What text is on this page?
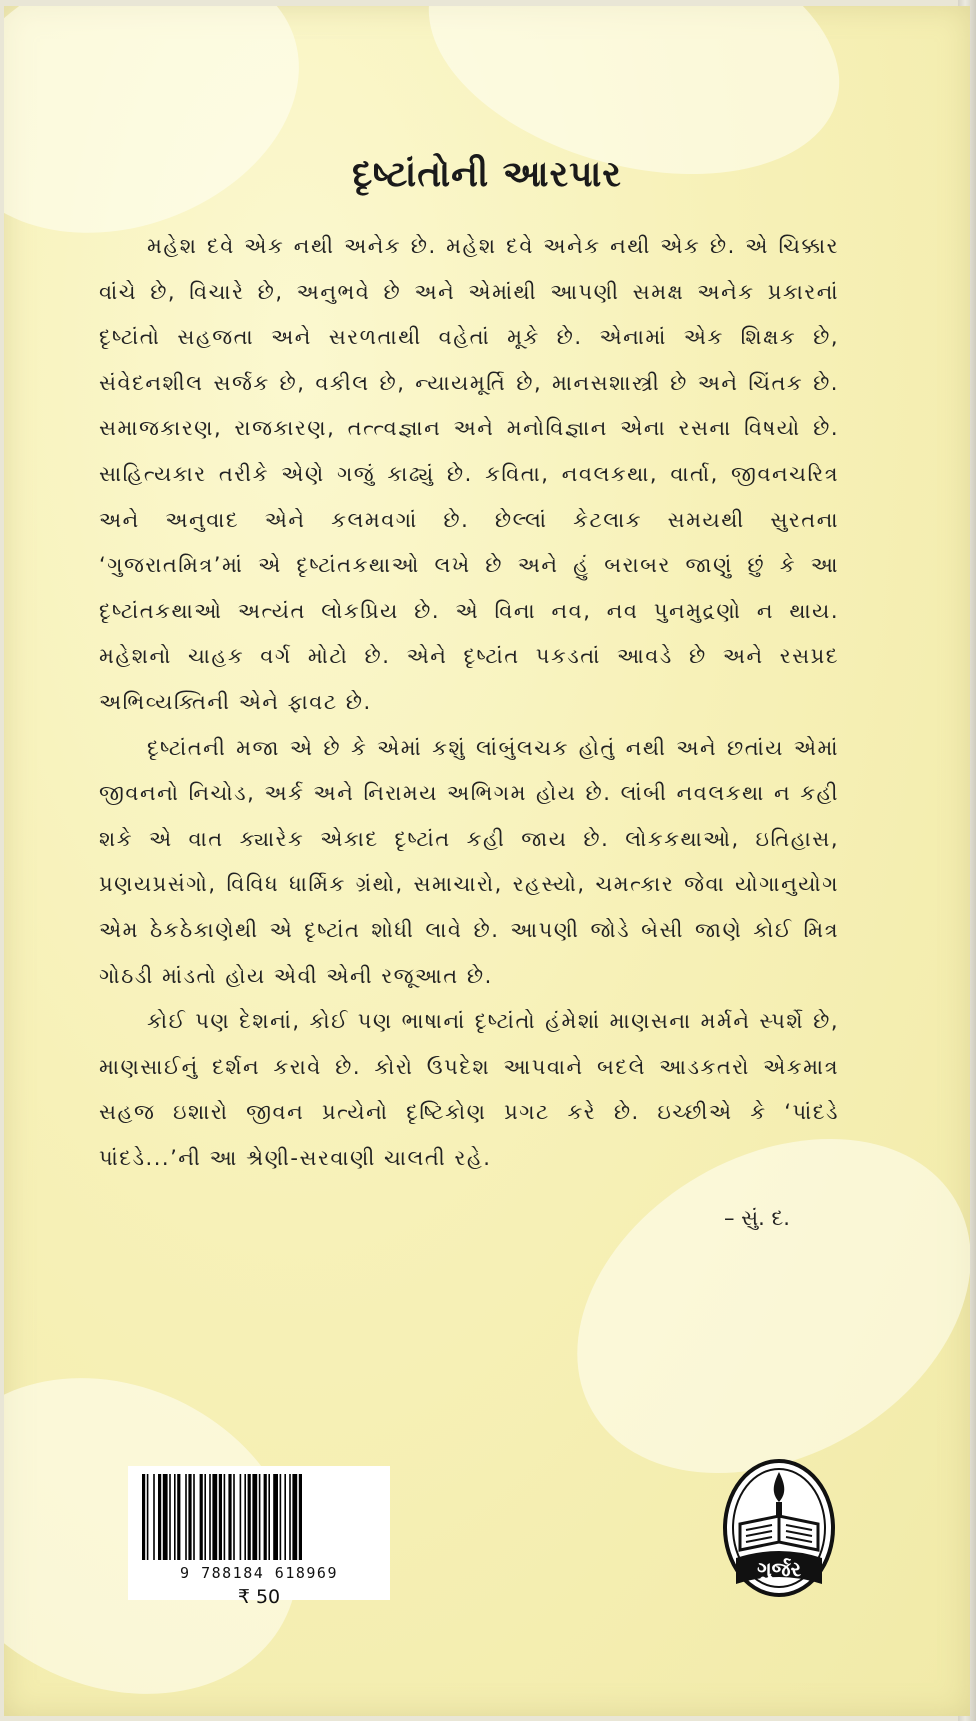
દૃષ્ટાંતોની આરપાર

મહેશ દવે એક નથી અનેક છે. મહેશ દવે અનેક નથી એક છે. એ ચિક્કાર વાંચે છે, વિચારે છે, અનુભવે છે અને એમાંથી આપણી સમક્ષ અનેક પ્રકારનાં દૃષ્ટાંતો સહજતા અને સરળતાથી વહેતાં મૂકે છે. એનામાં એક શિક્ષક છે, સંવેદનશીલ સર્જક છે, વકીલ છે, ન્યાયમૂર્તિ છે, માનસશાસ્ત્રી છે અને ચિંતક છે. સમાજકારણ, રાજકારણ, તત્ત્વજ્ઞાન અને મનોવિજ્ઞાન એના રસના વિષયો છે. સાહિત્યકાર તરીકે એણે ગજું કાઢ્યું છે. કવિતા, નવલકથા, વાર્તા, જીવનચરિત્ર અને અનુવાદ એને કલમવગાં છે. છેલ્લાં કેટલાક સમયથી સુરતના ‘ગુજરાતમિત્ર’માં એ દૃષ્ટાંતકથાઓ લખે છે અને હું બરાબર જાણું છું કે આ દૃષ્ટાંતકથાઓ અત્યંત લોકપ્રિય છે. એ વિના નવ, નવ પુનમુદ્રણો ન થાય. મહેશનો ચાહક વર્ગ મોટો છે. એને દૃષ્ટાંત પકડતાં આવડે છે અને રસપ્રદ અભિવ્યક્તિની એને ફાવટ છે.

દૃષ્ટાંતની મજા એ છે કે એમાં કશું લાંબુંલચક હોતું નથી અને છતાંય એમાં જીવનનો નિચોડ, અર્ક અને નિરામય અભિગમ હોય છે. લાંબી નવલકથા ન કહી શકે એ વાત ક્યારેક એકાદ દૃષ્ટાંત કહી જાય છે. લોકકથાઓ, ઇતિહાસ, પ્રણયપ્રસંગો, વિવિધ ધાર્મિક ગ્રંથો, સમાચારો, રહસ્યો, ચમત્કાર જેવા યોગાનુયોગ એમ ઠેકઠેકાણેથી એ દૃષ્ટાંત શોધી લાવે છે. આપણી જોડે બેસી જાણે કોઈ મિત્ર ગોઠડી માંડતો હોય એવી એની રજૂઆત છે.

કોઈ પણ દેશનાં, કોઈ પણ ભાષાનાં દૃષ્ટાંતો હંમેશાં માણસના મર્મને સ્પર્શે છે, માણસાઈનું દર્શન કરાવે છે. કોરો ઉપદેશ આપવાને બદલે આડકતરો એકમાત્ર સહજ ઇશારો જીવન પ્રત્યેનો દૃષ્ટિકોણ પ્રગટ કરે છે. ઇચ્છીએ કે ‘પાંદડે પાંદડે...’ની આ શ્રેણી-સરવાણી ચાલતી રહે.

– સું. દ.
9 788184 618969
₹ 50
ગુર્જર
